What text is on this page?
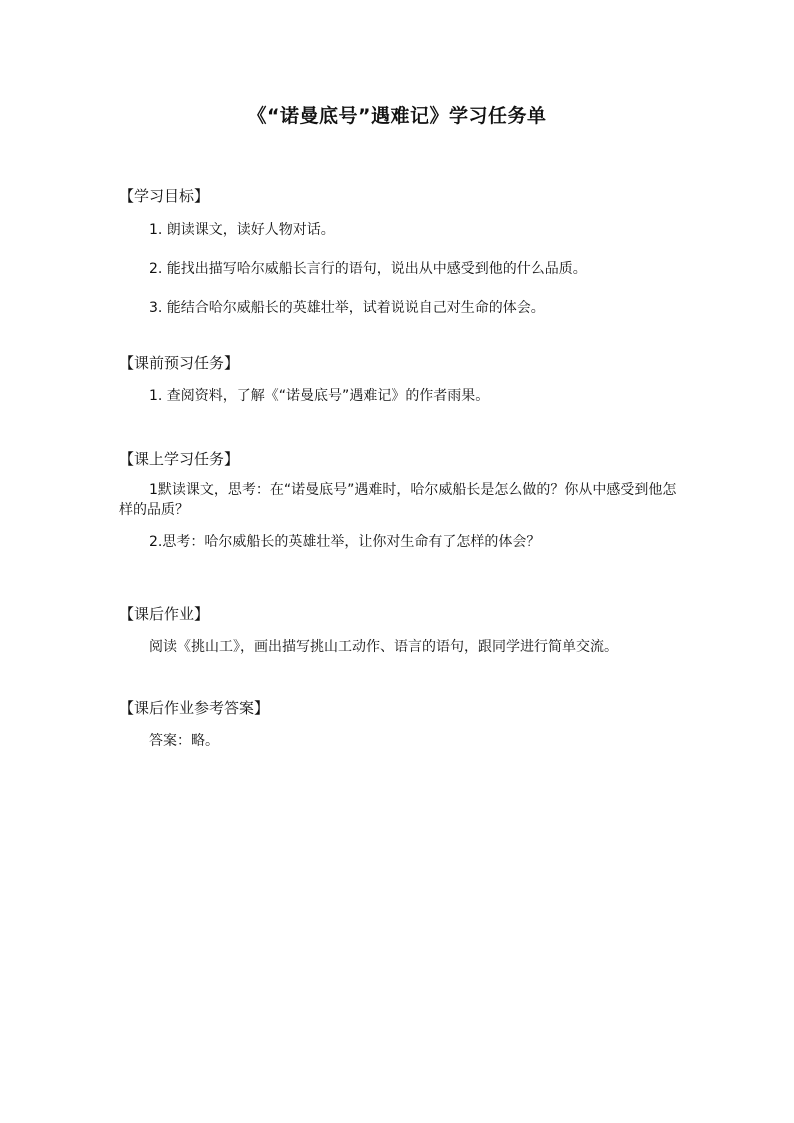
《“诺曼底号”遇难记》学习任务单
【学习目标】
1. 朗读课文，读好人物对话。
2. 能找出描写哈尔威船长言行的语句，说出从中感受到他的什么品质。
3. 能结合哈尔威船长的英雄壮举，试着说说自己对生命的体会。
【课前预习任务】
1. 查阅资料，了解《“诺曼底号”遇难记》的作者雨果。
【课上学习任务】
1默读课文，思考：在“诺曼底号”遇难时，哈尔威船长是怎么做的？你从中感受到他怎样的品质？
2.思考：哈尔威船长的英雄壮举，让你对生命有了怎样的体会？
【课后作业】
阅读《挑山工》，画出描写挑山工动作、语言的语句，跟同学进行简单交流。
【课后作业参考答案】
答案：略。
